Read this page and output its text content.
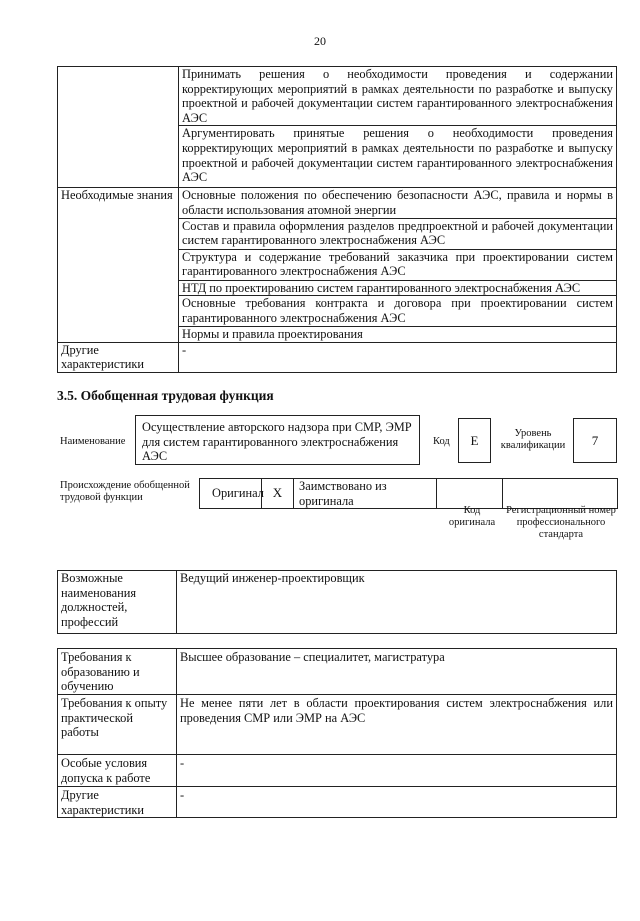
20
	Принимать решения о необходимости проведения и содержании корректирующих мероприятий в рамках деятельности по разработке и выпуску проектной и рабочей документации систем гарантированного электроснабжения АЭС
	Аргументировать принятые решения о необходимости проведения корректирующих мероприятий в рамках деятельности по разработке и выпуску проектной и рабочей документации систем гарантированного электроснабжения АЭС
Необходимые знания	Основные положения по обеспечению безопасности АЭС, правила и нормы в области использования атомной энергии
	Состав и правила оформления разделов предпроектной и рабочей документации систем гарантированного электроснабжения АЭС
	Структура и содержание требований заказчика при проектировании систем гарантированного электроснабжения АЭС
	НТД по проектированию систем гарантированного электроснабжения АЭС
	Основные требования контракта и договора при проектировании систем гарантированного электроснабжения АЭС
	Нормы и правила проектирования
Другие характеристики	-
3.5. Обобщенная трудовая функция
Наименование
Осуществление авторского надзора при СМР, ЭМР для систем гарантированного электроснабжения АЭС
Код	E	Уровень квалификации	7
Происхождение обобщенной трудовой функции	Оригинал	X	Заимствовано из оригинала		
Код оригинала
Регистрационный номер профессионального стандарта
Возможные наименования должностей, профессий	Ведущий инженер-проектировщик
Требования к образованию и обучению	Высшее образование – специалитет, магистратура
Требования к опыту практической работы	Не менее пяти лет в области проектирования систем электроснабжения или проведения СМР или ЭМР на АЭС
Особые условия допуска к работе	-
Другие характеристики	-
